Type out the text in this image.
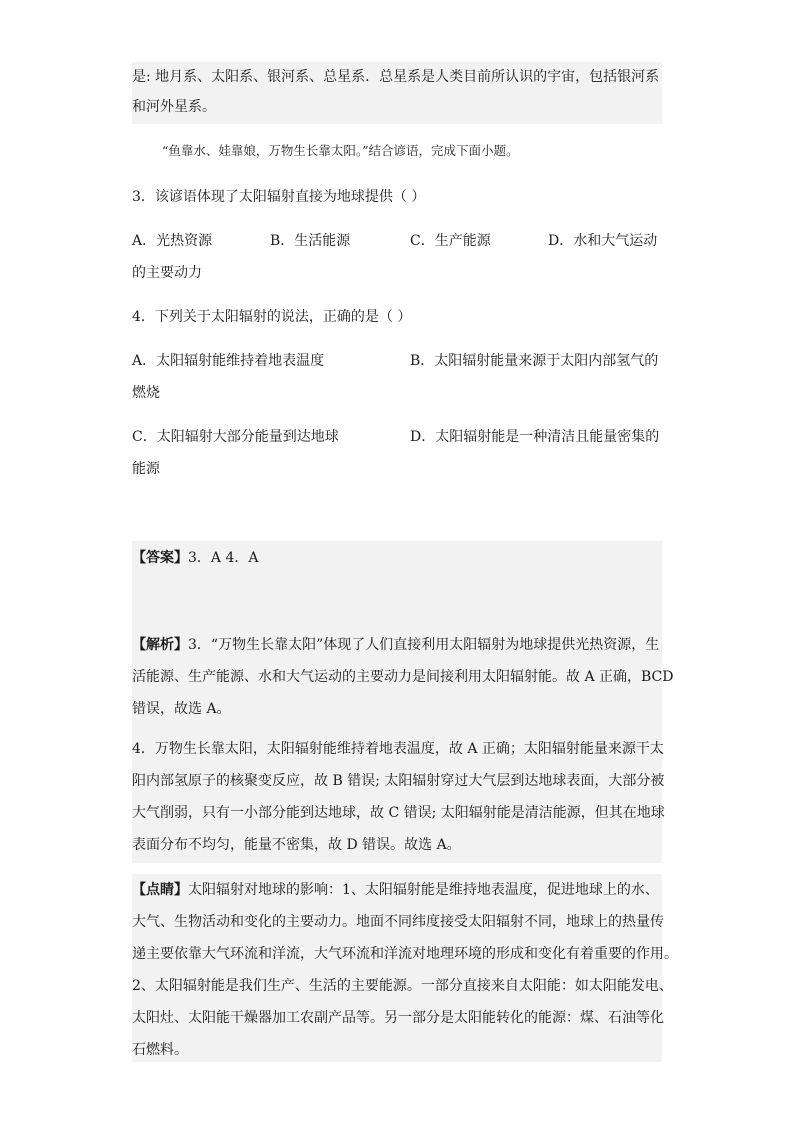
是: 地月系、太阳系、银河系、总星系．总星系是人类目前所认识的宇宙，包括银河系
和河外星系。
“鱼靠水、娃靠娘，万物生长靠太阳。”结合谚语，完成下面小题。
3．该谚语体现了太阳辐射直接为地球提供（ ）
A．光热资源	B．生活能源	C．生产能源	D．水和大气运动
的主要动力
4．下列关于太阳辐射的说法，正确的是（ ）
A．太阳辐射能维持着地表温度	B．太阳辐射能量来源于太阳内部氢气的
燃烧
C．太阳辐射大部分能量到达地球	D．太阳辐射能是一种清洁且能量密集的
能源
【答案】3．A 4．A
【解析】3．“万物生长靠太阳”体现了人们直接利用太阳辐射为地球提供光热资源，生
活能源、生产能源、水和大气运动的主要动力是间接利用太阳辐射能。故 A 正确，BCD
错误，故选 A。
4．万物生长靠太阳，太阳辐射能维持着地表温度，故 A 正确；太阳辐射能量来源干太
阳内部氢原子的核聚变反应，故 B 错误; 太阳辐射穿过大气层到达地球表面，大部分被
大气削弱，只有一小部分能到达地球，故 C 错误; 太阳辐射能是清洁能源，但其在地球
表面分布不均匀，能量不密集，故 D 错误。故选 A。
【点睛】太阳辐射对地球的影响：1、太阳辐射能是维持地表温度，促进地球上的水、
大气、生物活动和变化的主要动力。地面不同纬度接受太阳辐射不同，地球上的热量传
递主要依靠大气环流和洋流，大气环流和洋流对地理环境的形成和变化有着重要的作用。
2、太阳辐射能是我们生产、生活的主要能源。一部分直接来自太阳能：如太阳能发电、
太阳灶、太阳能干燥器加工农副产品等。另一部分是太阳能转化的能源：煤、石油等化
石燃料。
